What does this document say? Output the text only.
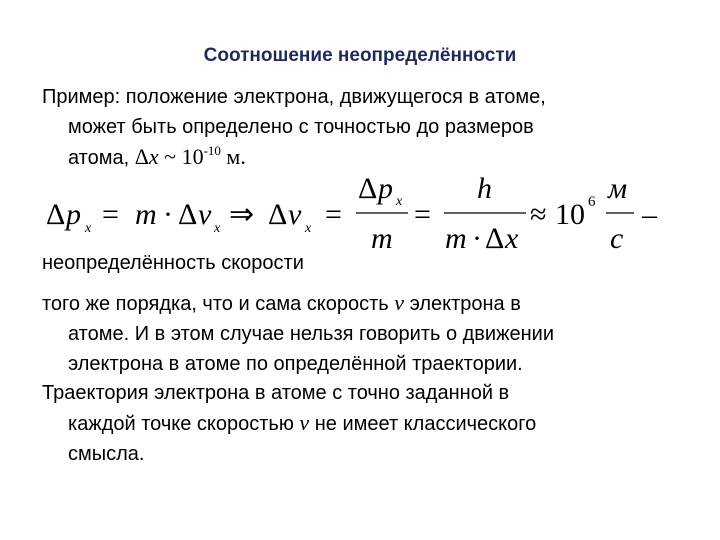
Соотношение неопределённости
Пример: положение электрона, движущегося в атоме,
может быть определено с точностью до размеров
атома, Δx ~ $10^{-10}$ м.
Δ p x = m · Δ v x ⇒ Δ v x =
Δ p x
m
=
h
m · Δ x
≈ 10 6 м
с
–
неопределённость скорости
того же порядка, что и сама скорость v электрона в
атоме. И в этом случае нельзя говорить о движении
электрона в атоме по определённой траектории.
Траектория электрона в атоме с точно заданной в
каждой точке скоростью v не имеет классического
смысла.
